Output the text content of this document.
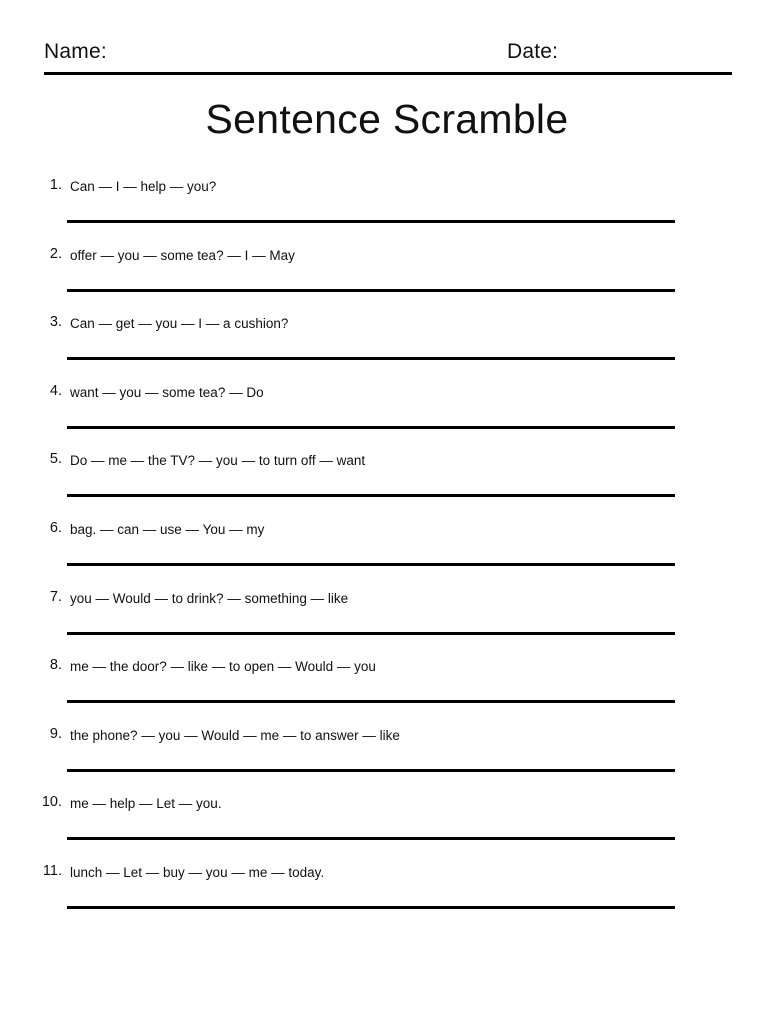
Name:	Date:
Sentence Scramble
1. Can — I — help — you?
2. offer — you — some tea? — I — May
3. Can — get — you — I — a cushion?
4. want — you — some tea? — Do
5. Do — me — the TV? — you — to turn off — want
6. bag. — can — use — You — my
7. you — Would — to drink? — something — like
8. me — the door? — like — to open — Would — you
9. the phone? — you — Would — me — to answer — like
10. me — help — Let — you.
11. lunch — Let — buy — you — me — today.
